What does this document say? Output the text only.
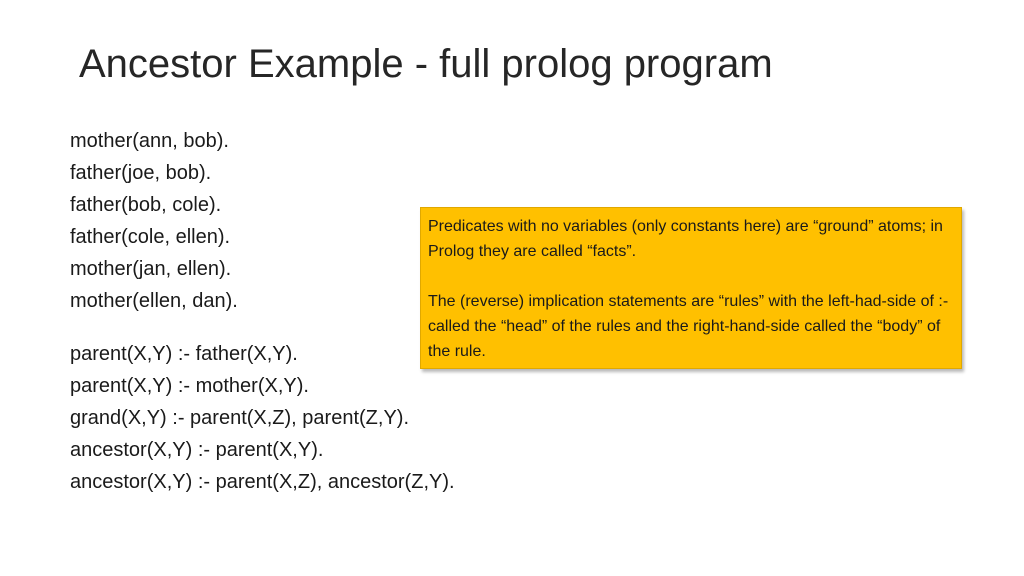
Ancestor Example - full prolog program
mother(ann, bob).
father(joe, bob).
father(bob, cole).
father(cole, ellen).
mother(jan, ellen).
mother(ellen, dan).
parent(X,Y) :- father(X,Y).
parent(X,Y) :- mother(X,Y).
grand(X,Y) :- parent(X,Z), parent(Z,Y).
ancestor(X,Y) :- parent(X,Y).
ancestor(X,Y) :- parent(X,Z), ancestor(Z,Y).

Predicates with no variables (only constants here) are “ground” atoms; in Prolog they are called “facts”.

The (reverse) implication statements are “rules” with the left-had-side of :- called the “head” of the rules and the right-hand-side called the “body” of the rule.
